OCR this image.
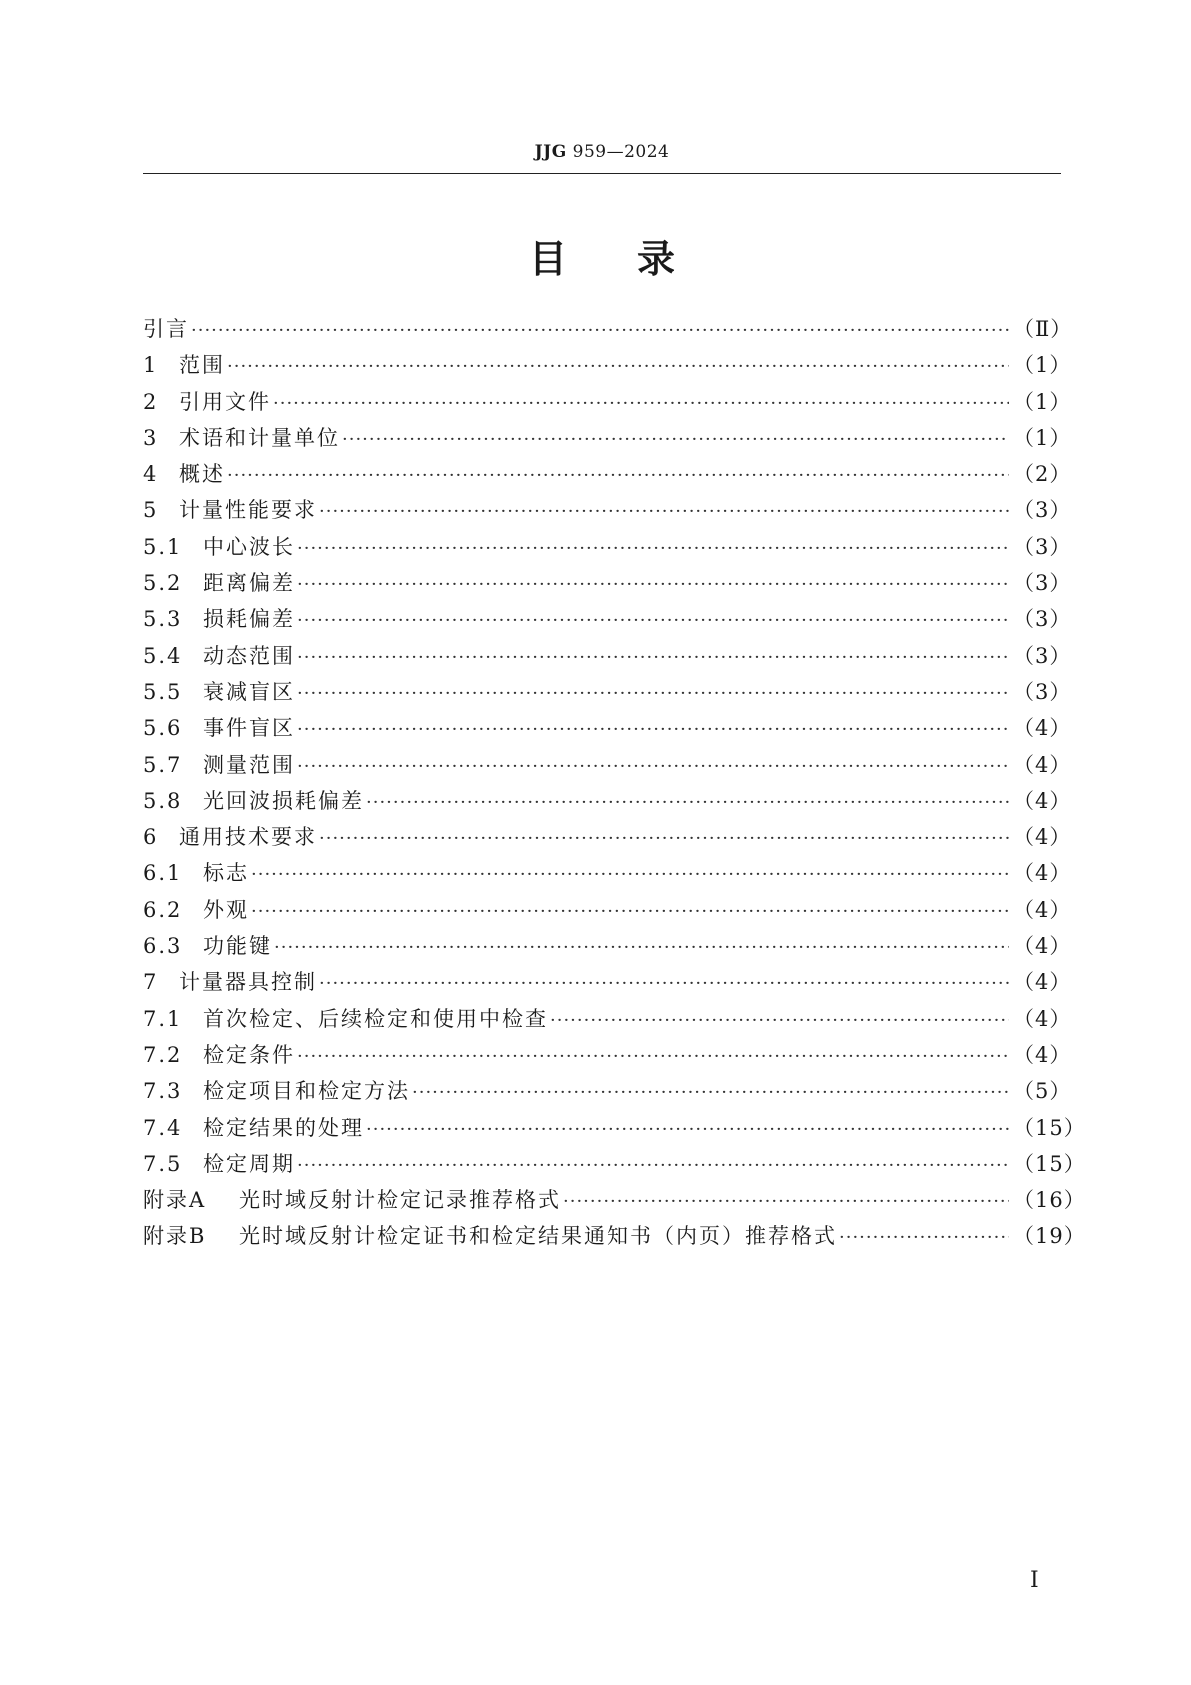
JJG 959—2024
目录
引言 ·····	（Ⅱ）
1 范围 ·····	（1）
2 引用文件 ·····	（1）
3 术语和计量单位 ·····	（1）
4 概述 ·····	（2）
5 计量性能要求 ·····	（3）
5.1 中心波长 ·····	（3）
5.2 距离偏差 ·····	（3）
5.3 损耗偏差 ·····	（3）
5.4 动态范围 ·····	（3）
5.5 衰减盲区 ·····	（3）
5.6 事件盲区 ·····	（4）
5.7 测量范围 ·····	（4）
5.8 光回波损耗偏差 ·····	（4）
6 通用技术要求 ·····	（4）
6.1 标志 ·····	（4）
6.2 外观 ·····	（4）
6.3 功能键 ·····	（4）
7 计量器具控制 ·····	（4）
7.1 首次检定、后续检定和使用中检查 ·····	（4）
7.2 检定条件 ·····	（4）
7.3 检定项目和检定方法 ·····	（5）
7.4 检定结果的处理 ·····	（15）
7.5 检定周期 ·····	（15）
附录A	光时域反射计检定记录推荐格式 ·····	（16）
附录B	光时域反射计检定证书和检定结果通知书（内页）推荐格式 ·····	（19）
I
